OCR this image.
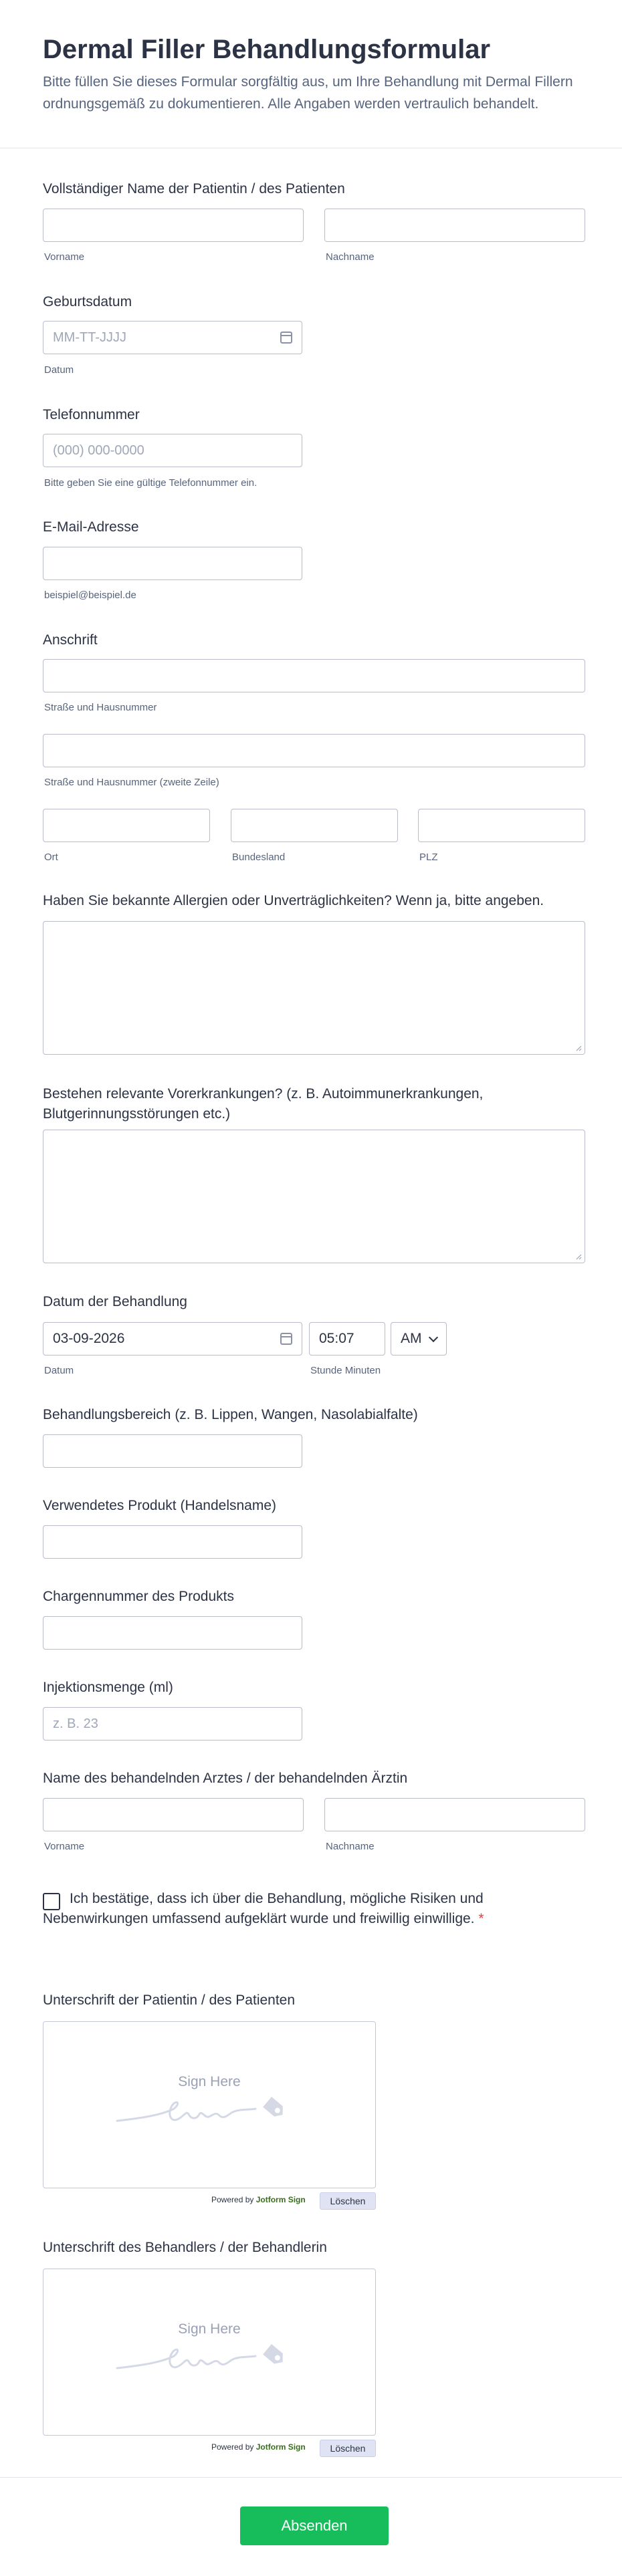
Dermal Filler Behandlungsformular
Bitte füllen Sie dieses Formular sorgfältig aus, um Ihre Behandlung mit Dermal Fillern ordnungsgemäß zu dokumentieren. Alle Angaben werden vertraulich behandelt.
Vollständiger Name der Patientin / des Patienten
Vorname	Nachname
Geburtsdatum
MM-TT-JJJJ
Datum
Telefonnummer
(000) 000-0000
Bitte geben Sie eine gültige Telefonnummer ein.
E-Mail-Adresse
beispiel@beispiel.de
Anschrift
Straße und Hausnummer
Straße und Hausnummer (zweite Zeile)
Ort	Bundesland	PLZ
Haben Sie bekannte Allergien oder Unverträglichkeiten? Wenn ja, bitte angeben.
Bestehen relevante Vorerkrankungen? (z. B. Autoimmunerkrankungen, Blutgerinnungsstörungen etc.)
Datum der Behandlung
03-09-2026	05:07	AM
Datum	Stunde Minuten
Behandlungsbereich (z. B. Lippen, Wangen, Nasolabialfalte)
Verwendetes Produkt (Handelsname)
Chargennummer des Produkts
Injektionsmenge (ml)
z. B. 23
Name des behandelnden Arztes / der behandelnden Ärztin
Vorname	Nachname
Ich bestätige, dass ich über die Behandlung, mögliche Risiken und Nebenwirkungen umfassend aufgeklärt wurde und freiwillig einwillige. *
Unterschrift der Patientin / des Patienten
Sign Here
Powered by Jotform Sign	Löschen
Unterschrift des Behandlers / der Behandlerin
Sign Here
Powered by Jotform Sign	Löschen
Absenden
